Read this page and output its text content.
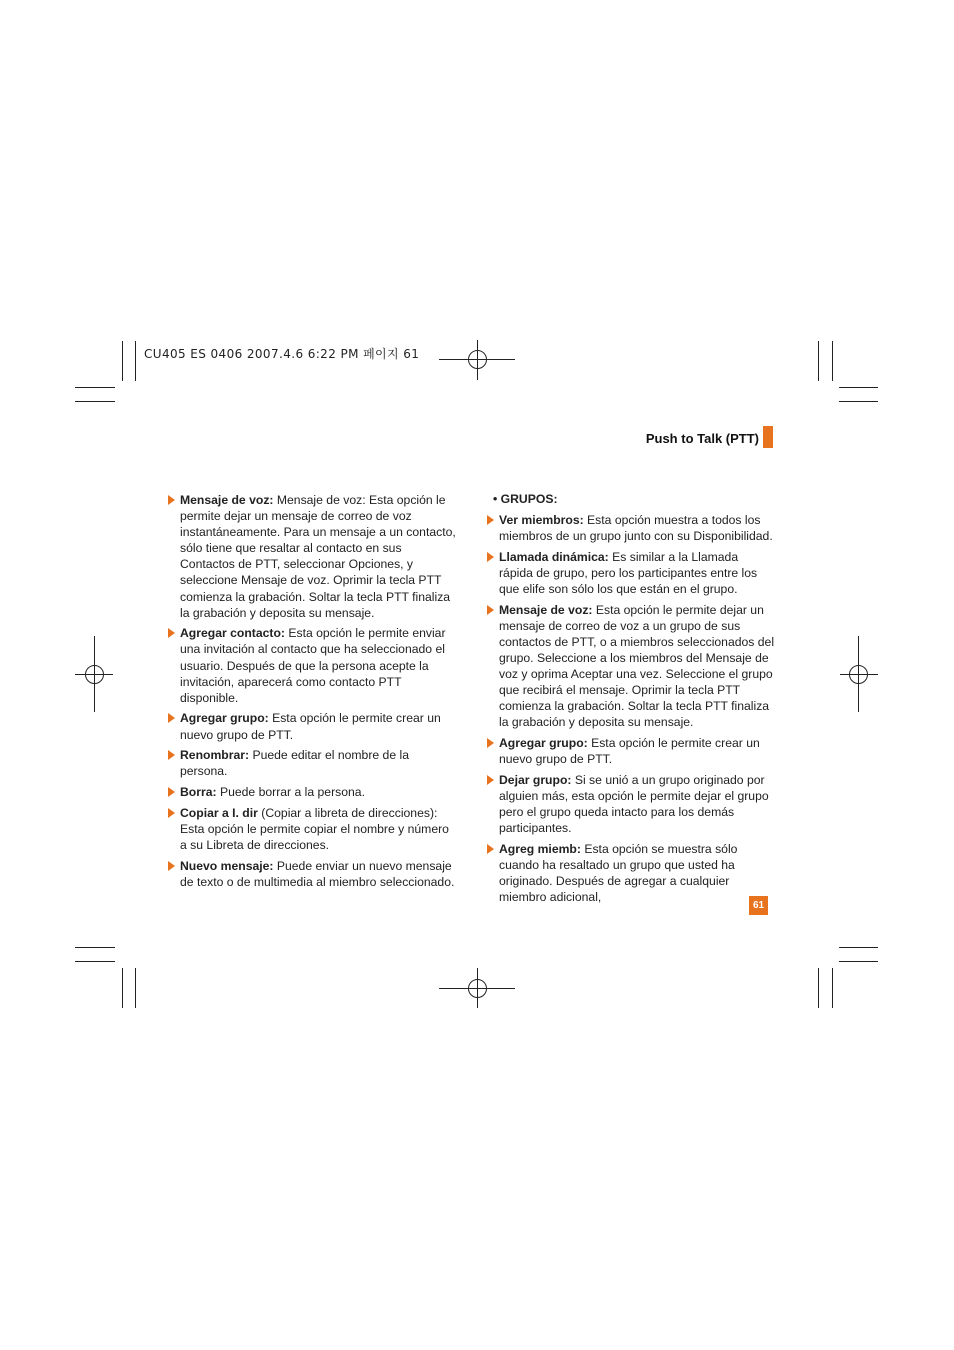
CU405 ES 0406 2007.4.6 6:22 PM 페이지 61
Push to Talk (PTT)
Mensaje de voz: Mensaje de voz: Esta opción le permite dejar un mensaje de correo de voz instantáneamente. Para un mensaje a un contacto, sólo tiene que resaltar al contacto en sus Contactos de PTT, seleccionar Opciones, y seleccione Mensaje de voz. Oprimir la tecla PTT comienza la grabación. Soltar la tecla PTT finaliza la grabación y deposita su mensaje.
Agregar contacto: Esta opción le permite enviar una invitación al contacto que ha seleccionado el usuario. Después de que la persona acepte la invitación, aparecerá como contacto PTT disponible.
Agregar grupo: Esta opción le permite crear un nuevo grupo de PTT.
Renombrar: Puede editar el nombre de la persona.
Borra: Puede borrar a la persona.
Copiar a I. dir (Copiar a libreta de direcciones): Esta opción le permite copiar el nombre y número a su Libreta de direcciones.
Nuevo mensaje: Puede enviar un nuevo mensaje de texto o de multimedia al miembro seleccionado.
• GRUPOS:
Ver miembros: Esta opción muestra a todos los miembros de un grupo junto con su Disponibilidad.
Llamada dinámica: Es similar a la Llamada rápida de grupo, pero los participantes entre los que elife son sólo los que están en el grupo.
Mensaje de voz: Esta opción le permite dejar un mensaje de correo de voz a un grupo de sus contactos de PTT, o a miembros seleccionados del grupo. Seleccione a los miembros del Mensaje de voz y oprima Aceptar una vez. Seleccione el grupo que recibirá el mensaje. Oprimir la tecla PTT comienza la grabación. Soltar la tecla PTT finaliza la grabación y deposita su mensaje.
Agregar grupo: Esta opción le permite crear un nuevo grupo de PTT.
Dejar grupo: Si se unió a un grupo originado por alguien más, esta opción le permite dejar el grupo pero el grupo queda intacto para los demás participantes.
Agreg miemb: Esta opción se muestra sólo cuando ha resaltado un grupo que usted ha originado. Después de agregar a cualquier miembro adicional,
61
